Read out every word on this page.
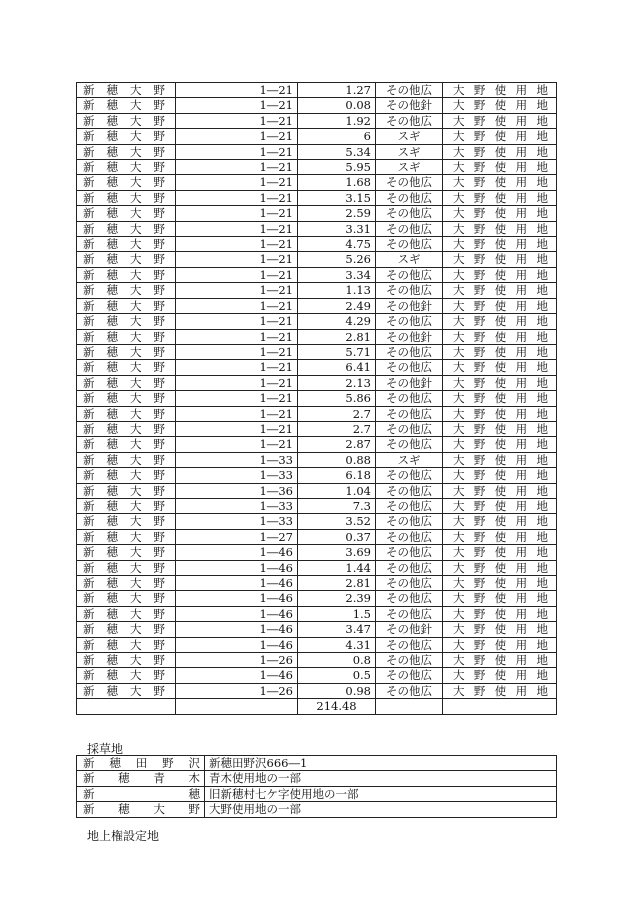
新穂大野	1―21	1.27	その他広	大野使用地
新穂大野	1―21	0.08	その他針	大野使用地
新穂大野	1―21	1.92	その他広	大野使用地
新穂大野	1―21	6	スギ	大野使用地
新穂大野	1―21	5.34	スギ	大野使用地
新穂大野	1―21	5.95	スギ	大野使用地
新穂大野	1―21	1.68	その他広	大野使用地
新穂大野	1―21	3.15	その他広	大野使用地
新穂大野	1―21	2.59	その他広	大野使用地
新穂大野	1―21	3.31	その他広	大野使用地
新穂大野	1―21	4.75	その他広	大野使用地
新穂大野	1―21	5.26	スギ	大野使用地
新穂大野	1―21	3.34	その他広	大野使用地
新穂大野	1―21	1.13	その他広	大野使用地
新穂大野	1―21	2.49	その他針	大野使用地
新穂大野	1―21	4.29	その他広	大野使用地
新穂大野	1―21	2.81	その他針	大野使用地
新穂大野	1―21	5.71	その他広	大野使用地
新穂大野	1―21	6.41	その他広	大野使用地
新穂大野	1―21	2.13	その他針	大野使用地
新穂大野	1―21	5.86	その他広	大野使用地
新穂大野	1―21	2.7	その他広	大野使用地
新穂大野	1―21	2.7	その他広	大野使用地
新穂大野	1―21	2.87	その他広	大野使用地
新穂大野	1―33	0.88	スギ	大野使用地
新穂大野	1―33	6.18	その他広	大野使用地
新穂大野	1―36	1.04	その他広	大野使用地
新穂大野	1―33	7.3	その他広	大野使用地
新穂大野	1―33	3.52	その他広	大野使用地
新穂大野	1―27	0.37	その他広	大野使用地
新穂大野	1―46	3.69	その他広	大野使用地
新穂大野	1―46	1.44	その他広	大野使用地
新穂大野	1―46	2.81	その他広	大野使用地
新穂大野	1―46	2.39	その他広	大野使用地
新穂大野	1―46	1.5	その他広	大野使用地
新穂大野	1―46	3.47	その他針	大野使用地
新穂大野	1―46	4.31	その他広	大野使用地
新穂大野	1―26	0.8	その他広	大野使用地
新穂大野	1―46	0.5	その他広	大野使用地
新穂大野	1―26	0.98	その他広	大野使用地
		214.48		
採草地
新穂田野沢	新穂田野沢666―1
新穂青木	青木使用地の一部
新穂	旧新穂村七ケ字使用地の一部
新穂大野	大野使用地の一部
地上権設定地
